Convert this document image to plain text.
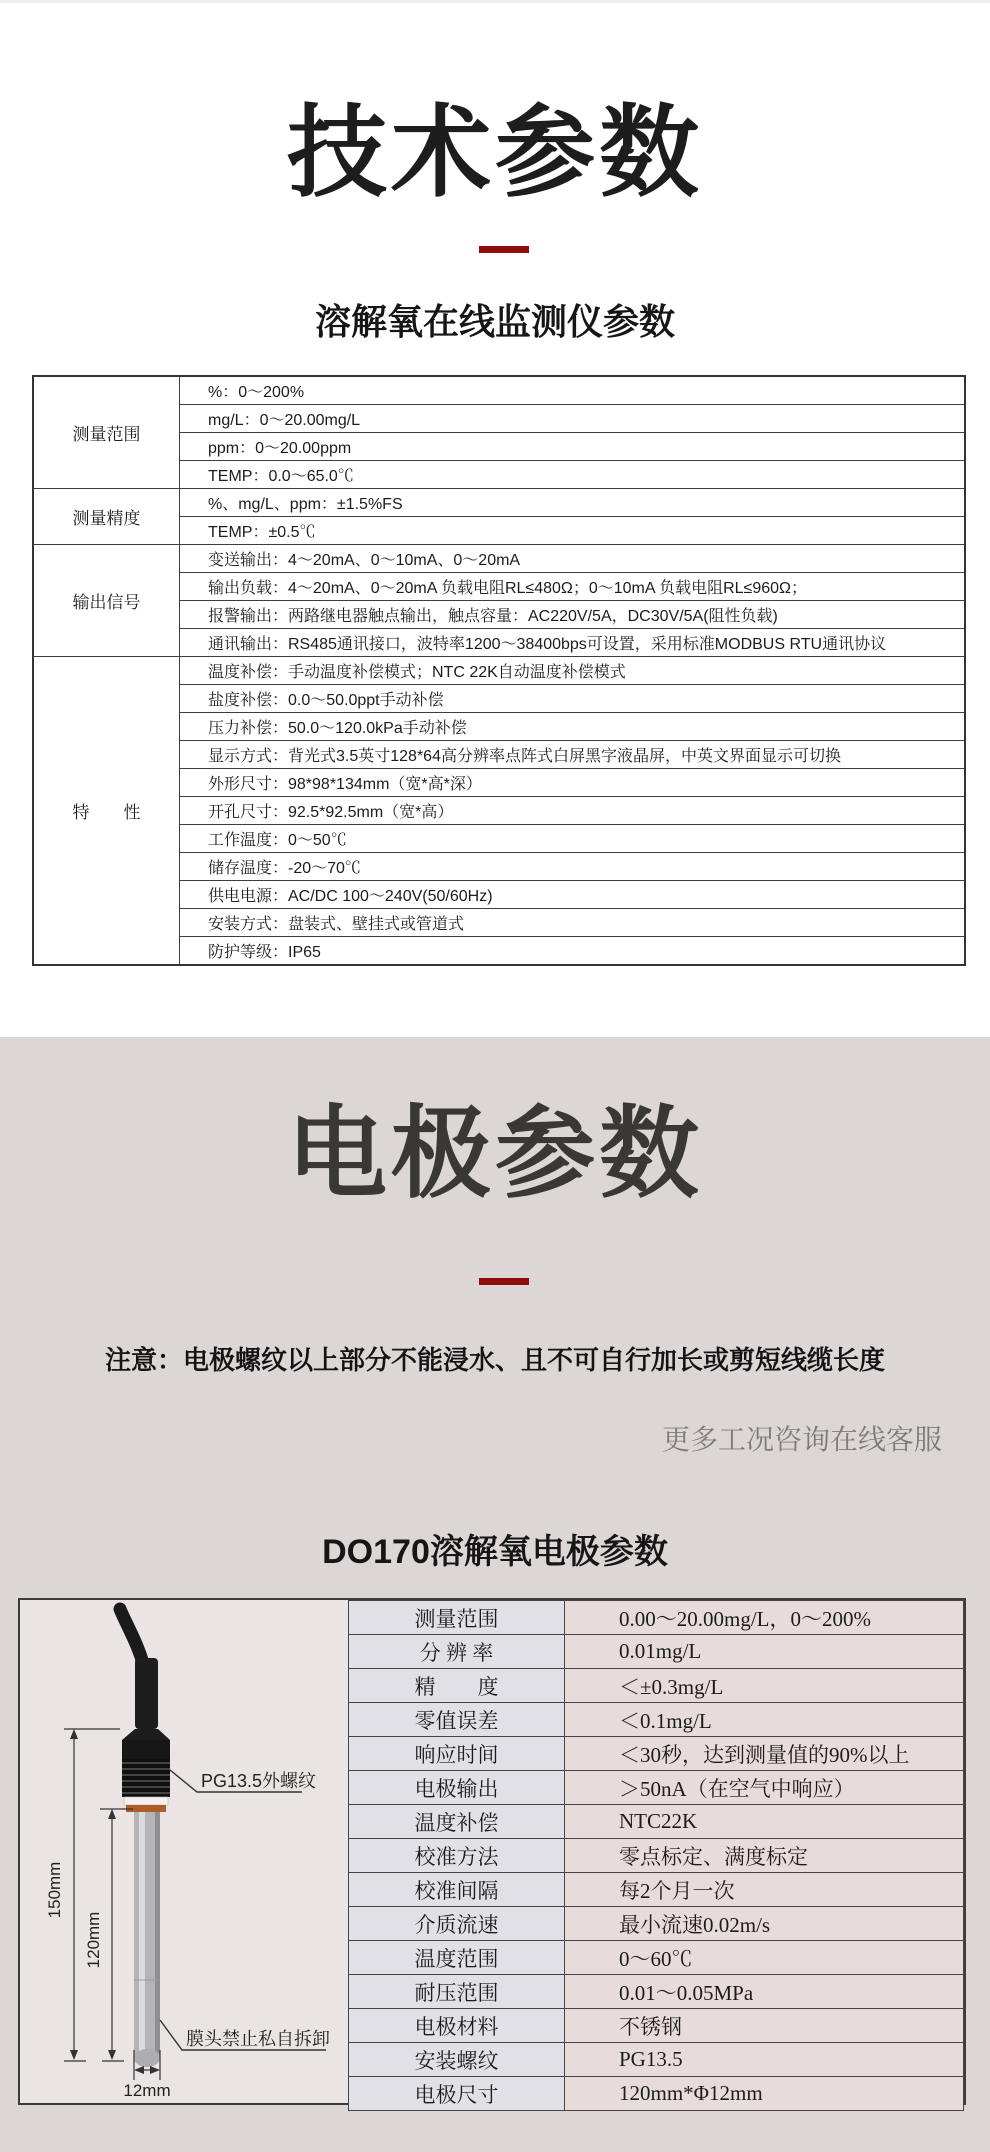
技术参数
溶解氧在线监测仪参数
测量范围	%：0～200%
	mg/L：0～20.00mg/L
	ppm：0～20.00ppm
	TEMP：0.0～65.0℃
测量精度	%、mg/L、ppm：±1.5%FS
	TEMP：±0.5℃
输出信号	变送输出：4～20mA、0～10mA、0～20mA
	输出负载：4～20mA、0～20mA 负载电阻RL≤480Ω；0～10mA 负载电阻RL≤960Ω；
	报警输出：两路继电器触点输出，触点容量：AC220V/5A，DC30V/5A(阻性负载)
	通讯输出：RS485通讯接口，波特率1200～38400bps可设置，采用标准MODBUS RTU通讯协议
特　　性	温度补偿：手动温度补偿模式；NTC 22K自动温度补偿模式
	盐度补偿：0.0～50.0ppt手动补偿
	压力补偿：50.0～120.0kPa手动补偿
	显示方式：背光式3.5英寸128*64高分辨率点阵式白屏黑字液晶屏，中英文界面显示可切换
	外形尺寸：98*98*134mm（宽*高*深）
	开孔尺寸：92.5*92.5mm（宽*高）
	工作温度：0～50℃
	储存温度：-20～70℃
	供电电源：AC/DC 100～240V(50/60Hz)
	安装方式：盘装式、壁挂式或管道式
	防护等级：IP65
电极参数
注意：电极螺纹以上部分不能浸水、且不可自行加长或剪短线缆长度
更多工况咨询在线客服
DO170溶解氧电极参数
150mm
120mm
12mm
PG13.5外螺纹
膜头禁止私自拆卸
测量范围	0.00～20.00mg/L，0～200%
分 辨 率	0.01mg/L
精　　度	＜±0.3mg/L
零值误差	＜0.1mg/L
响应时间	＜30秒，达到测量值的90%以上
电极输出	＞50nA（在空气中响应）
温度补偿	NTC22K
校准方法	零点标定、满度标定
校准间隔	每2个月一次
介质流速	最小流速0.02m/s
温度范围	0～60℃
耐压范围	0.01～0.05MPa
电极材料	不锈钢
安装螺纹	PG13.5
电极尺寸	120mm*Φ12mm
